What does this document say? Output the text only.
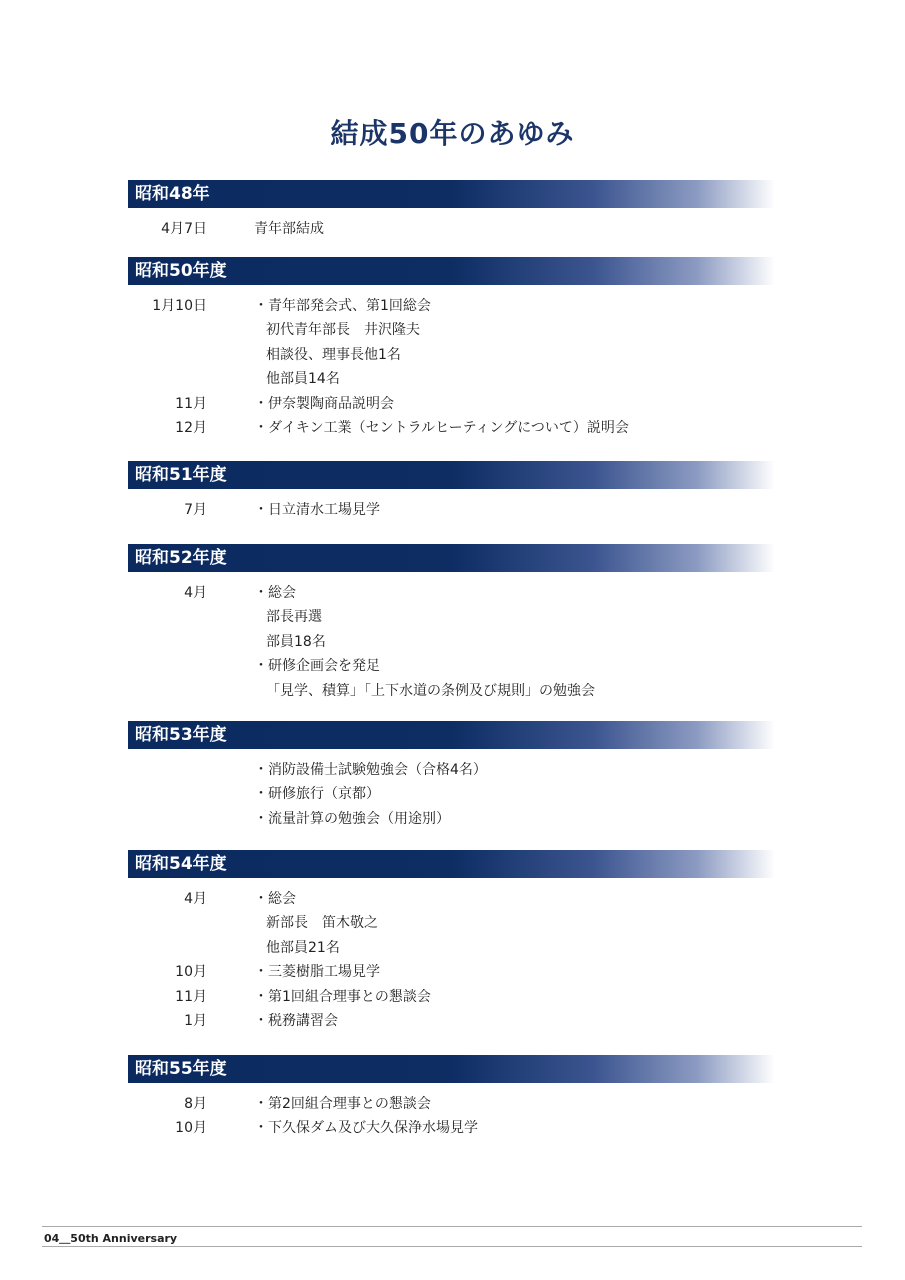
結成50年のあゆみ
昭和48年
4月7日	青年部結成
昭和50年度
1月10日	・青年部発会式、第1回総会
初代青年部長　井沢隆夫
相談役、理事長他1名
他部員14名
11月	・伊奈製陶商品説明会
12月	・ダイキン工業（セントラルヒーティングについて）説明会
昭和51年度
7月	・日立清水工場見学
昭和52年度
4月	・総会
部長再選
部員18名
・研修企画会を発足
「見学、積算」「上下水道の条例及び規則」の勉強会
昭和53年度
・消防設備士試験勉強会（合格4名）
・研修旅行（京都）
・流量計算の勉強会（用途別）
昭和54年度
4月	・総会
新部長　笛木敬之
他部員21名
10月	・三菱樹脂工場見学
11月	・第1回組合理事との懇談会
1月	・税務講習会
昭和55年度
8月	・第2回組合理事との懇談会
10月	・下久保ダム及び大久保浄水場見学
04＿50th Anniversary
